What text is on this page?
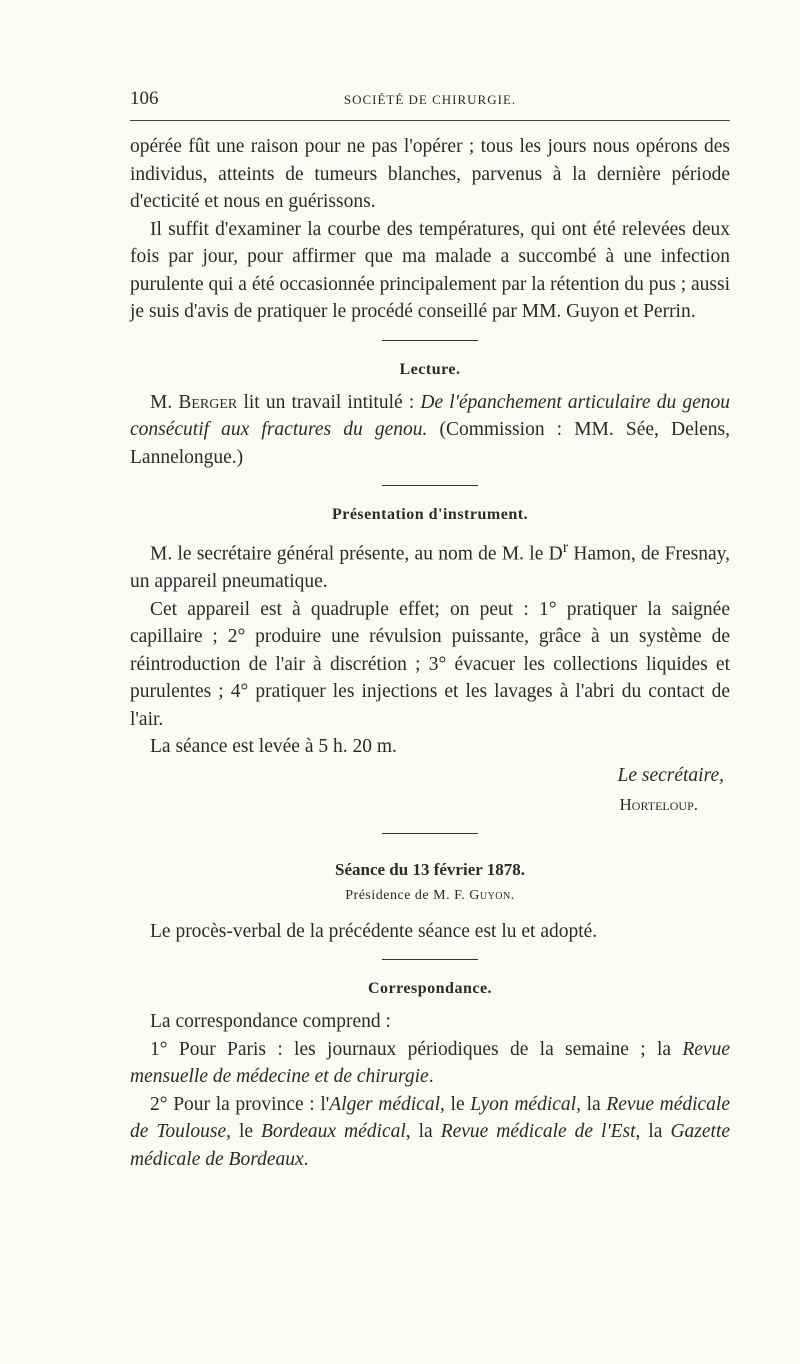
106	SOCIÉTÉ DE CHIRURGIE.

opérée fût une raison pour ne pas l'opérer ; tous les jours nous opérons des individus, atteints de tumeurs blanches, parvenus à la dernière période d'ecticité et nous en guérissons.

Il suffit d'examiner la courbe des températures, qui ont été relevées deux fois par jour, pour affirmer que ma malade a succombé à une infection purulente qui a été occasionnée principalement par la rétention du pus ; aussi je suis d'avis de pratiquer le procédé conseillé par MM. Guyon et Perrin.

Lecture.

M. Berger lit un travail intitulé : De l'épanchement articulaire du genou consécutif aux fractures du genou. (Commission : MM. Sée, Delens, Lannelongue.)

Présentation d'instrument.

M. le secrétaire général présente, au nom de M. le $D^r$ Hamon, de Fresnay, un appareil pneumatique.

Cet appareil est à quadruple effet; on peut : 1° pratiquer la saignée capillaire ; 2° produire une révulsion puissante, grâce à un système de réintroduction de l'air à discrétion ; 3° évacuer les collections liquides et purulentes ; 4° pratiquer les injections et les lavages à l'abri du contact de l'air.

La séance est levée à 5 h. 20 m.

Le secrétaire,
Horteloup.
Séance du 13 février 1878.
Présidence de M. F. Guyon.

Le procès-verbal de la précédente séance est lu et adopté.

Correspondance.

La correspondance comprend :

1° Pour Paris : les journaux périodiques de la semaine ; la Revue mensuelle de médecine et de chirurgie.

2° Pour la province : l'Alger médical, le Lyon médical, la Revue médicale de Toulouse, le Bordeaux médical, la Revue médicale de l'Est, la Gazette médicale de Bordeaux.
